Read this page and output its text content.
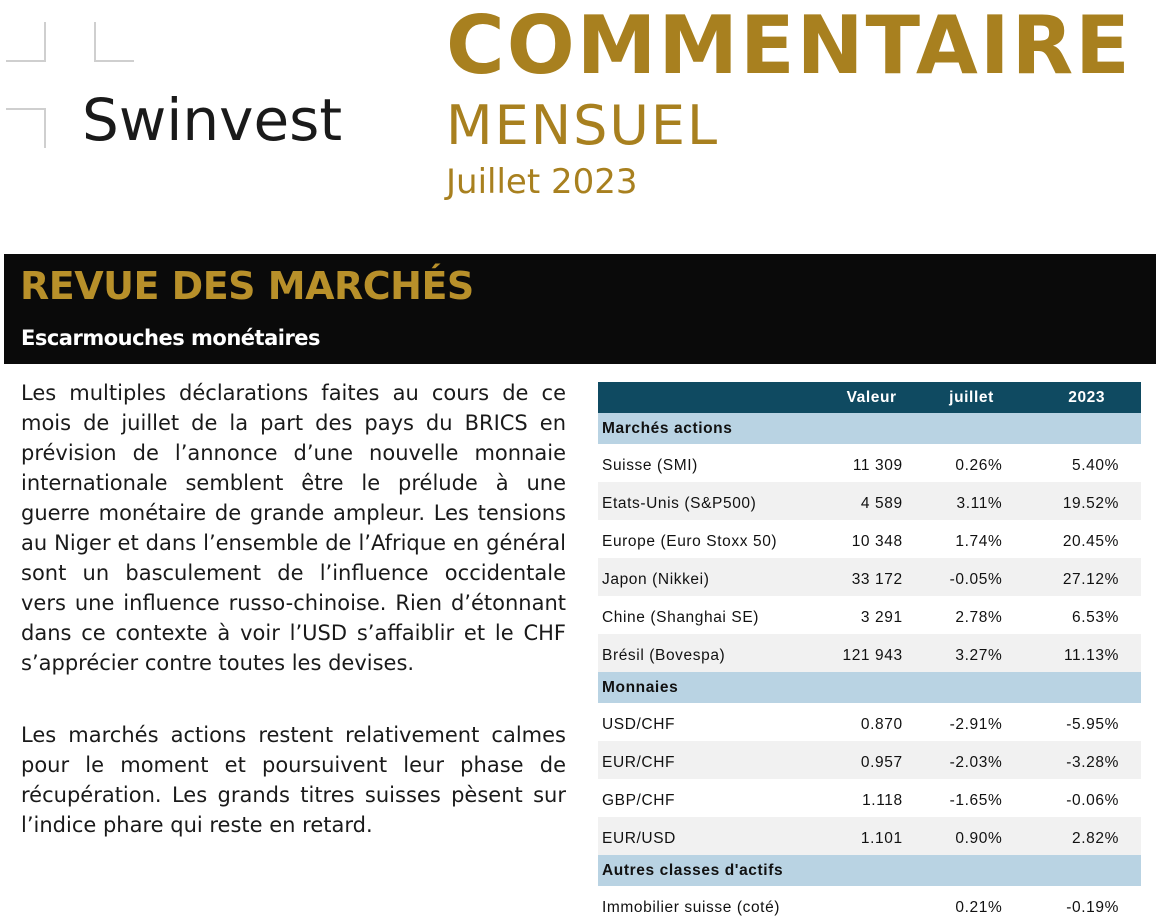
Swinvest
COMMENTAIRE
MENSUEL
Juillet 2023
REVUE DES MARCHÉS
Escarmouches monétaires

Les multiples déclarations faites au cours de ce mois de juillet de la part des pays du BRICS en prévision de l’annonce d’une nouvelle monnaie internationale semblent être le prélude à une guerre monétaire de grande ampleur. Les tensions au Niger et dans l’ensemble de l’Afrique en général sont un basculement de l’influence occidentale vers une influence russo-chinoise. Rien d’étonnant dans ce contexte à voir l’USD s’affaiblir et le CHF s’apprécier contre toutes les devises.

Les marchés actions restent relativement calmes pour le moment et poursuivent leur phase de récupération. Les grands titres suisses pèsent sur l’indice phare qui reste en retard.

	Valeur	juillet	2023
Marchés actions			
Suisse (SMI)	11 309	0.26%	5.40%
Etats-Unis (S&P500)	4 589	3.11%	19.52%
Europe (Euro Stoxx 50)	10 348	1.74%	20.45%
Japon (Nikkei)	33 172	-0.05%	27.12%
Chine (Shanghai SE)	3 291	2.78%	6.53%
Brésil (Bovespa)	121 943	3.27%	11.13%
Monnaies			
USD/CHF	0.870	-2.91%	-5.95%
EUR/CHF	0.957	-2.03%	-3.28%
GBP/CHF	1.118	-1.65%	-0.06%
EUR/USD	1.101	0.90%	2.82%
Autres classes d'actifs			
Immobilier suisse (coté)		0.21%	-0.19%
